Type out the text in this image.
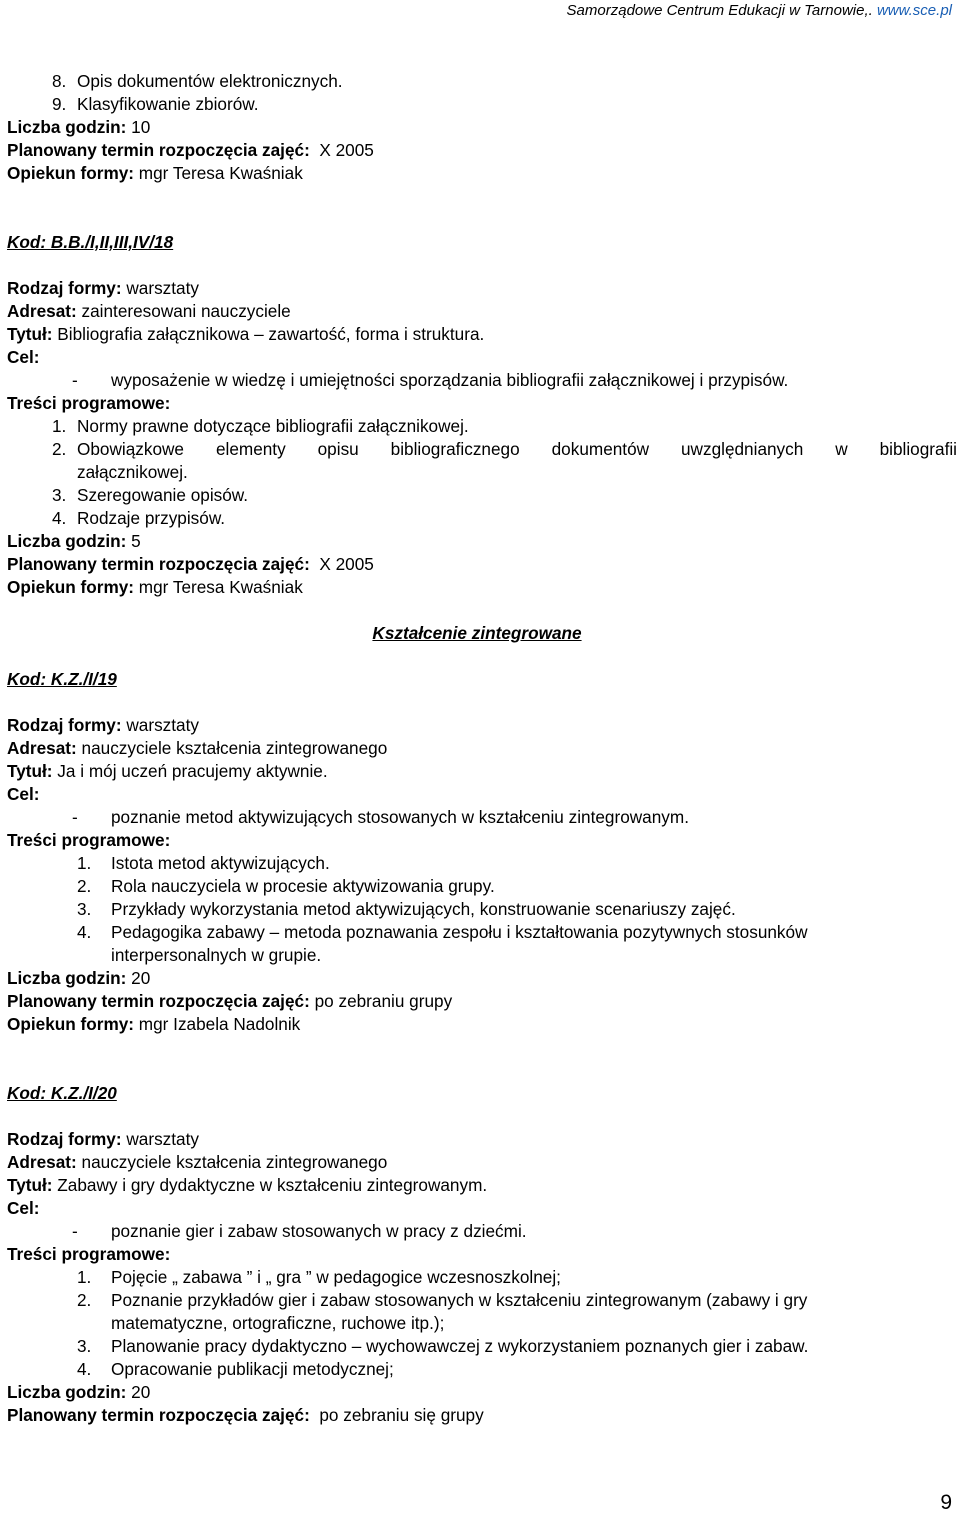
Samorządowe Centrum Edukacji w Tarnowie,. www.sce.pl
8. Opis dokumentów elektronicznych.
9. Klasyfikowanie zbiorów.
Liczba godzin: 10
Planowany termin rozpoczęcia zajęć: X 2005
Opiekun formy: mgr Teresa Kwaśniak
Kod: B.B./I,II,III,IV/18
Rodzaj formy: warsztaty
Adresat: zainteresowani nauczyciele
Tytuł: Bibliografia załącznikowa – zawartość, forma i struktura.
Cel:
- wyposażenie w wiedzę i umiejętności sporządzania bibliografii załącznikowej i przypisów.
Treści programowe:
1. Normy prawne dotyczące bibliografii załącznikowej.
2. Obowiązkowe elementy opisu bibliograficznego dokumentów uwzględnianych w bibliografii
załącznikowej.
3. Szeregowanie opisów.
4. Rodzaje przypisów.
Liczba godzin: 5
Planowany termin rozpoczęcia zajęć: X 2005
Opiekun formy: mgr Teresa Kwaśniak
Kształcenie zintegrowane
Kod: K.Z./I/19
Rodzaj formy: warsztaty
Adresat: nauczyciele kształcenia zintegrowanego
Tytuł: Ja i mój uczeń pracujemy aktywnie.
Cel:
- poznanie metod aktywizujących stosowanych w kształceniu zintegrowanym.
Treści programowe:
1. Istota metod aktywizujących.
2. Rola nauczyciela w procesie aktywizowania grupy.
3. Przykłady wykorzystania metod aktywizujących, konstruowanie scenariuszy zajęć.
4. Pedagogika zabawy – metoda poznawania zespołu i kształtowania pozytywnych stosunków
interpersonalnych w grupie.
Liczba godzin: 20
Planowany termin rozpoczęcia zajęć: po zebraniu grupy
Opiekun formy: mgr Izabela Nadolnik
Kod: K.Z./I/20
Rodzaj formy: warsztaty
Adresat: nauczyciele kształcenia zintegrowanego
Tytuł: Zabawy i gry dydaktyczne w kształceniu zintegrowanym.
Cel:
- poznanie gier i zabaw stosowanych w pracy z dziećmi.
Treści programowe:
1. Pojęcie „ zabawa ” i „ gra ” w pedagogice wczesnoszkolnej;
2. Poznanie przykładów gier i zabaw stosowanych w kształceniu zintegrowanym (zabawy i gry
matematyczne, ortograficzne, ruchowe itp.);
3. Planowanie pracy dydaktyczno – wychowawczej z wykorzystaniem poznanych gier i zabaw.
4. Opracowanie publikacji metodycznej;
Liczba godzin: 20
Planowany termin rozpoczęcia zajęć: po zebraniu się grupy
9
